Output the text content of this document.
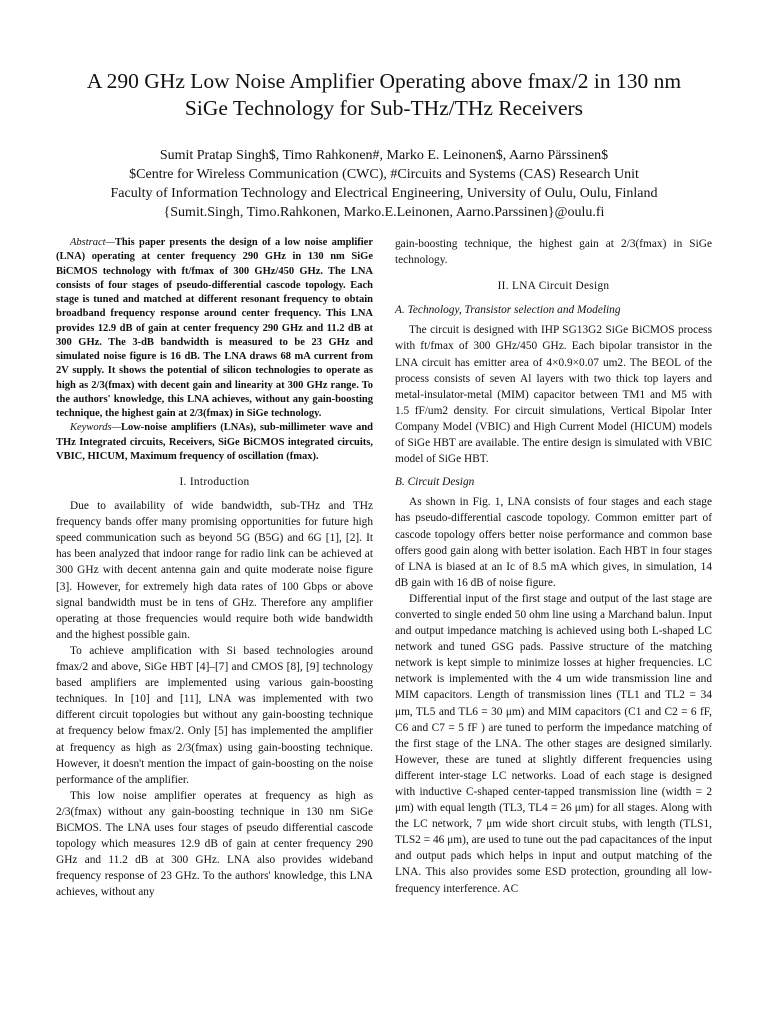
A 290 GHz Low Noise Amplifier Operating above fmax/2 in 130 nm
SiGe Technology for Sub-THz/THz Receivers
Sumit Pratap Singh$, Timo Rahkonen#, Marko E. Leinonen$, Aarno Pärssinen$
$Centre for Wireless Communication (CWC), #Circuits and Systems (CAS) Research Unit
Faculty of Information Technology and Electrical Engineering, University of Oulu, Oulu, Finland
{Sumit.Singh, Timo.Rahkonen, Marko.E.Leinonen, Aarno.Parssinen}@oulu.fi

Abstract—This paper presents the design of a low noise amplifier (LNA) operating at center frequency 290 GHz in 130 nm SiGe BiCMOS technology with ft/fmax of 300 GHz/450 GHz. The LNA consists of four stages of pseudo-differential cascode topology. Each stage is tuned and matched at different resonant frequency to obtain broadband frequency response around center frequency. This LNA provides 12.9 dB of gain at center frequency 290 GHz and 11.2 dB at 300 GHz. The 3-dB bandwidth is measured to be 23 GHz and simulated noise figure is 16 dB. The LNA draws 68 mA current from 2V supply. It shows the potential of silicon technologies to operate as high as 2/3(fmax) with decent gain and linearity at 300 GHz range. To the authors' knowledge, this LNA achieves, without any gain-boosting technique, the highest gain at 2/3(fmax) in SiGe technology.

Keywords—Low-noise amplifiers (LNAs), sub-millimeter wave and THz Integrated circuits, Receivers, SiGe BiCMOS integrated circuits, VBIC, HICUM, Maximum frequency of oscillation (fmax).

I. Introduction

Due to availability of wide bandwidth, sub-THz and THz frequency bands offer many promising opportunities for future high speed communication such as beyond 5G (B5G) and 6G [1], [2]. It has been analyzed that indoor range for radio link can be achieved at 300 GHz with decent antenna gain and quite moderate noise figure [3]. However, for extremely high data rates of 100 Gbps or above signal bandwidth must be in tens of GHz. Therefore any amplifier operating at those frequencies would require both wide bandwidth and the highest possible gain.

To achieve amplification with Si based technologies around fmax/2 and above, SiGe HBT [4]–[7] and CMOS [8], [9] technology based amplifiers are implemented using various gain-boosting techniques. In [10] and [11], LNA was implemented with two different circuit topologies but without any gain-boosting technique at frequency below fmax/2. Only [5] has implemented the amplifier at frequency as high as 2/3(fmax) using gain-boosting technique. However, it doesn't mention the impact of gain-boosting on the noise performance of the amplifier.

This low noise amplifier operates at frequency as high as 2/3(fmax) without any gain-boosting technique in 130 nm SiGe BiCMOS. The LNA uses four stages of pseudo differential cascode topology which measures 12.9 dB of gain at center frequency 290 GHz and 11.2 dB at 300 GHz. LNA also provides wideband frequency response of 23 GHz. To the authors' knowledge, this LNA achieves, without any

gain-boosting technique, the highest gain at 2/3(fmax) in SiGe technology.

II. LNA Circuit Design
A. Technology, Transistor selection and Modeling

The circuit is designed with IHP SG13G2 SiGe BiCMOS process with ft/fmax of 300 GHz/450 GHz. Each bipolar transistor in the LNA circuit has emitter area of 4×0.9×0.07 um2. The BEOL of the process consists of seven Al layers with two thick top layers and metal-insulator-metal (MIM) capacitor between TM1 and M5 with 1.5 fF/um2 density. For circuit simulations, Vertical Bipolar Inter Company Model (VBIC) and High Current Model (HICUM) models of SiGe HBT are available. The entire design is simulated with VBIC model of SiGe HBT.

B. Circuit Design

As shown in Fig. 1, LNA consists of four stages and each stage has pseudo-differential cascode topology. Common emitter part of cascode topology offers better noise performance and common base offers good gain along with better isolation. Each HBT in four stages of LNA is biased at an Ic of 8.5 mA which gives, in simulation, 14 dB gain with 16 dB of noise figure.

Differential input of the first stage and output of the last stage are converted to single ended 50 ohm line using a Marchand balun. Input and output impedance matching is achieved using both L-shaped LC network and tuned GSG pads. Passive structure of the matching network is kept simple to minimize losses at higher frequencies. LC network is implemented with the 4 um wide transmission line and MIM capacitors. Length of transmission lines (TL1 and TL2 = 34 μm, TL5 and TL6 = 30 μm) and MIM capacitors (C1 and C2 = 6 fF, C6 and C7 = 5 fF ) are tuned to perform the impedance matching of the first stage of the LNA. The other stages are designed similarly. However, these are tuned at slightly different frequencies using different inter-stage LC networks. Load of each stage is designed with inductive C-shaped center-tapped transmission line (width = 2 μm) with equal length (TL3, TL4 = 26 μm) for all stages. Along with the LC network, 7 μm wide short circuit stubs, with length (TLS1, TLS2 = 46 μm), are used to tune out the pad capacitances of the input and output pads which helps in input and output matching of the LNA. This also provides some ESD protection, grounding all low-frequency interference. AC
